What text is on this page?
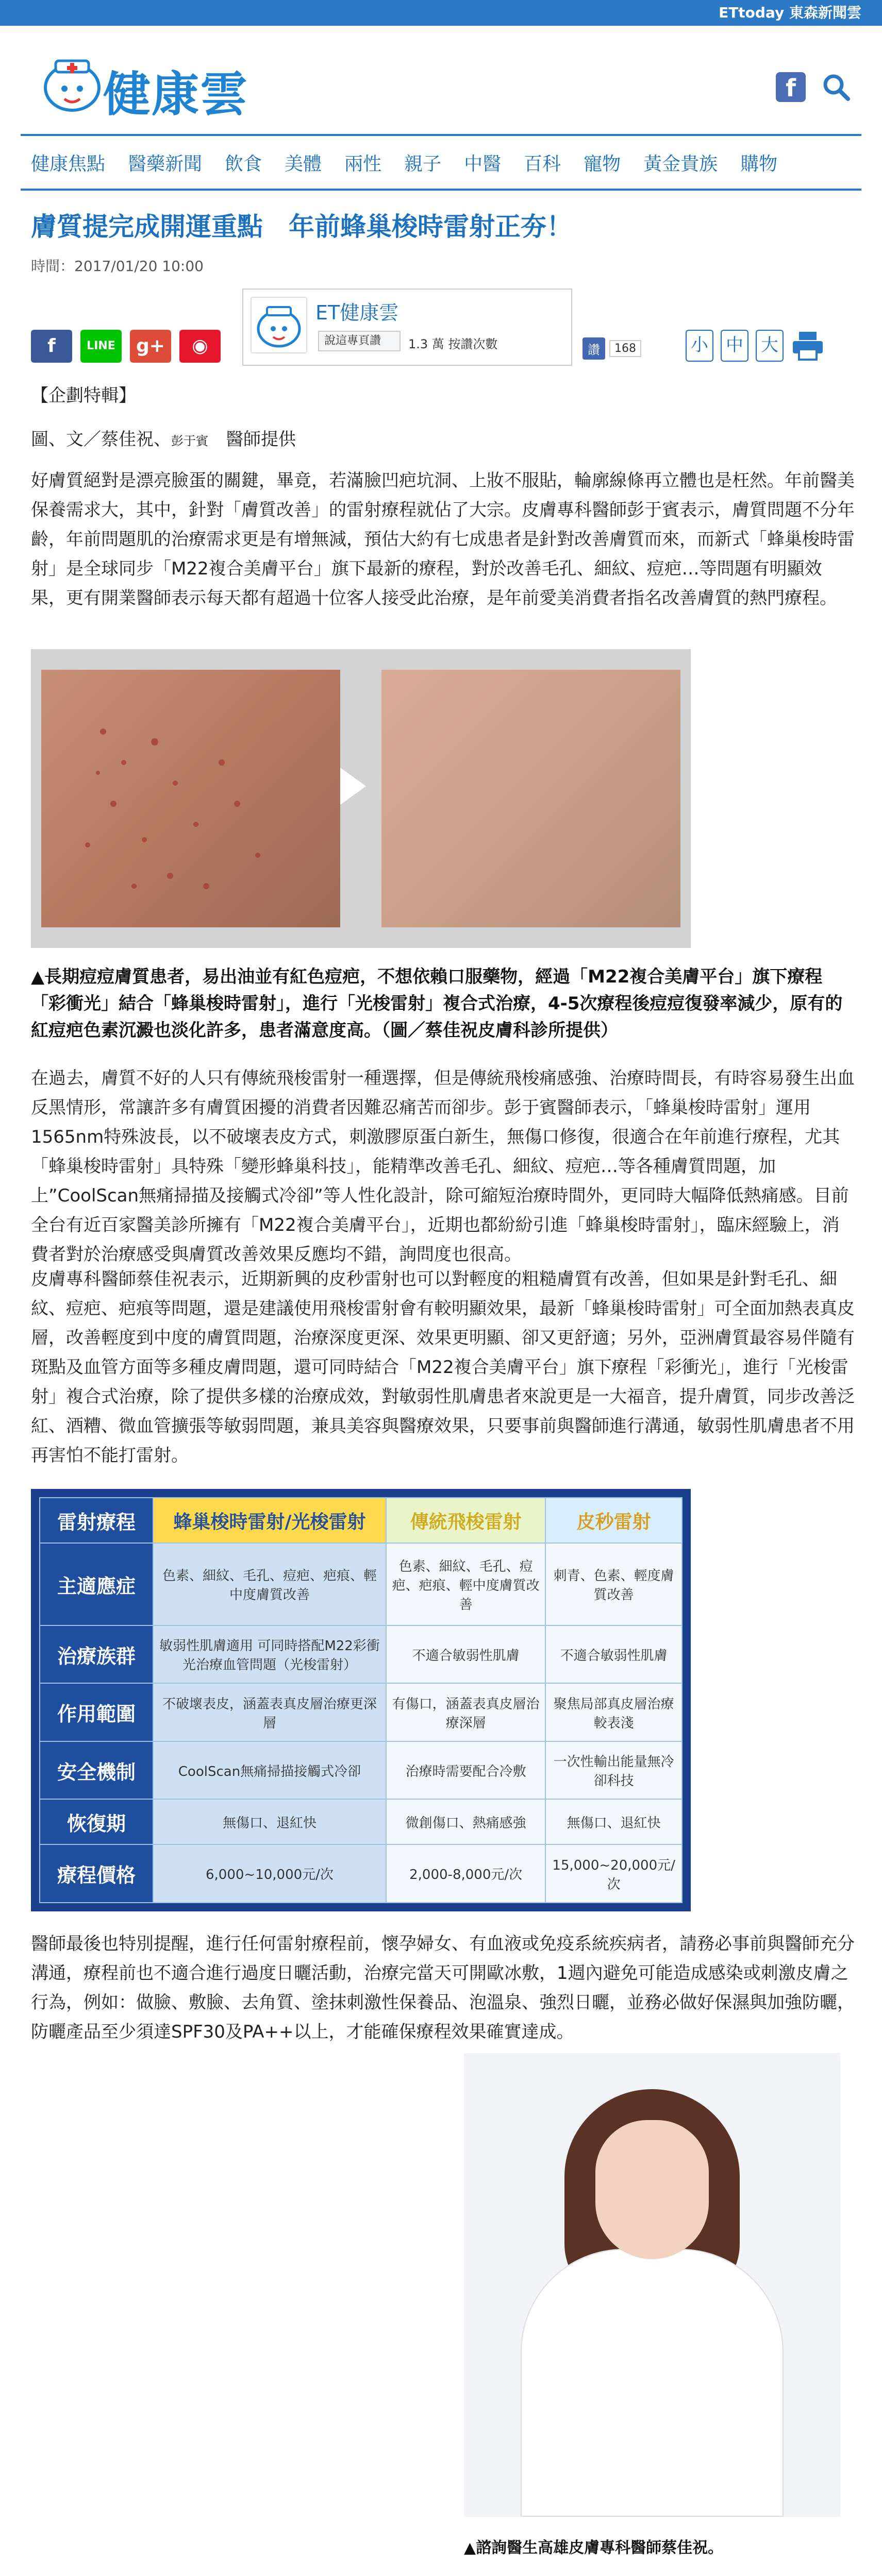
ETtoday 東森新聞雲
健康雲	f
健康焦點 醫藥新聞 飲食 美體 兩性 親子 中醫 百科 寵物 黃金貴族 購物
膚質提完成開運重點　年前蜂巢梭時雷射正夯！
時間：2017/01/20 10:00
f	LINE	g+	◉
ET健康雲
說這專頁讚	1.3 萬 按讚次數	讚	168	小 中 大
【企劃特輯】
圖、文／蔡佳祝、彭于賓　 醫師提供

好膚質絕對是漂亮臉蛋的關鍵，畢竟，若滿臉凹疤坑洞、上妝不服貼，輪廓線條再立體也是枉然。年前醫美保養需求大，其中，針對「膚質改善」的雷射療程就佔了大宗。皮膚專科醫師彭于賓表示，膚質問題不分年齡，年前問題肌的治療需求更是有增無減，預估大約有七成患者是針對改善膚質而來，而新式「蜂巢梭時雷射」是全球同步「M22複合美膚平台」旗下最新的療程，對於改善毛孔、細紋、痘疤…等問題有明顯效果，更有開業醫師表示每天都有超過十位客人接受此治療，是年前愛美消費者指名改善膚質的熱門療程。

▲長期痘痘膚質患者，易出油並有紅色痘疤，不想依賴口服藥物，經過「M22複合美膚平台」旗下療程「彩衝光」結合「蜂巢梭時雷射」，進行「光梭雷射」複合式治療，4-5次療程後痘痘復發率減少，原有的紅痘疤色素沉澱也淡化許多，患者滿意度高。（圖／蔡佳祝皮膚科診所提供）

在過去，膚質不好的人只有傳統飛梭雷射一種選擇，但是傳統飛梭痛感強、治療時間長，有時容易發生出血反黑情形，常讓許多有膚質困擾的消費者因難忍痛苦而卻步。彭于賓醫師表示，「蜂巢梭時雷射」運用1565nm特殊波長，以不破壞表皮方式，刺激膠原蛋白新生，無傷口修復，很適合在年前進行療程，尤其「蜂巢梭時雷射」具特殊「變形蜂巢科技」，能精準改善毛孔、細紋、痘疤…等各種膚質問題，加上”CoolScan無痛掃描及接觸式冷卻”等人性化設計，除可縮短治療時間外，更同時大幅降低熱痛感。目前全台有近百家醫美診所擁有「M22複合美膚平台」，近期也都紛紛引進「蜂巢梭時雷射」，臨床經驗上，消費者對於治療感受與膚質改善效果反應均不錯，詢問度也很高。

皮膚專科醫師蔡佳祝表示，近期新興的皮秒雷射也可以對輕度的粗糙膚質有改善，但如果是針對毛孔、細紋、痘疤、疤痕等問題，還是建議使用飛梭雷射會有較明顯效果，最新「蜂巢梭時雷射」可全面加熱表真皮層，改善輕度到中度的膚質問題，治療深度更深、效果更明顯、卻又更舒適；另外，亞洲膚質最容易伴隨有斑點及血管方面等多種皮膚問題，還可同時結合「M22複合美膚平台」旗下療程「彩衝光」，進行「光梭雷射」複合式治療，除了提供多樣的治療成效，對敏弱性肌膚患者來說更是一大福音，提升膚質，同步改善泛紅、酒糟、微血管擴張等敏弱問題，兼具美容與醫療效果，只要事前與醫師進行溝通，敏弱性肌膚患者不用再害怕不能打雷射。

雷射療程	蜂巢梭時雷射/光梭雷射	傳統飛梭雷射	皮秒雷射
主適應症	色素、細紋、毛孔、痘疤、疤痕、輕中度膚質改善	色素、細紋、毛孔、痘疤、疤痕、輕中度膚質改善	刺青、色素、輕度膚質改善
治療族群	敏弱性肌膚適用 可同時搭配M22彩衝光治療血管問題（光梭雷射）	不適合敏弱性肌膚	不適合敏弱性肌膚
作用範圍	不破壞表皮，涵蓋表真皮層治療更深層	有傷口，涵蓋表真皮層治療深層	聚焦局部真皮層治療較表淺
安全機制	CoolScan無痛掃描接觸式冷卻	治療時需要配合冷敷	一次性輸出能量無冷卻科技
恢復期	無傷口、退紅快	微創傷口、熱痛感強	無傷口、退紅快
療程價格	6,000~10,000元/次	2,000-8,000元/次	15,000~20,000元/次

醫師最後也特別提醒，進行任何雷射療程前，懷孕婦女、有血液或免疫系統疾病者，請務必事前與醫師充分溝通，療程前也不適合進行過度日曬活動，治療完當天可開歐冰敷，1週內避免可能造成感染或刺激皮膚之行為，例如：做臉、敷臉、去角質、塗抹刺激性保養品、泡溫泉、強烈日曬，並務必做好保濕與加強防曬，防曬產品至少須達SPF30及PA++以上，才能確保療程效果確實達成。

▲諮詢醫生高雄皮膚專科醫師蔡佳祝。
